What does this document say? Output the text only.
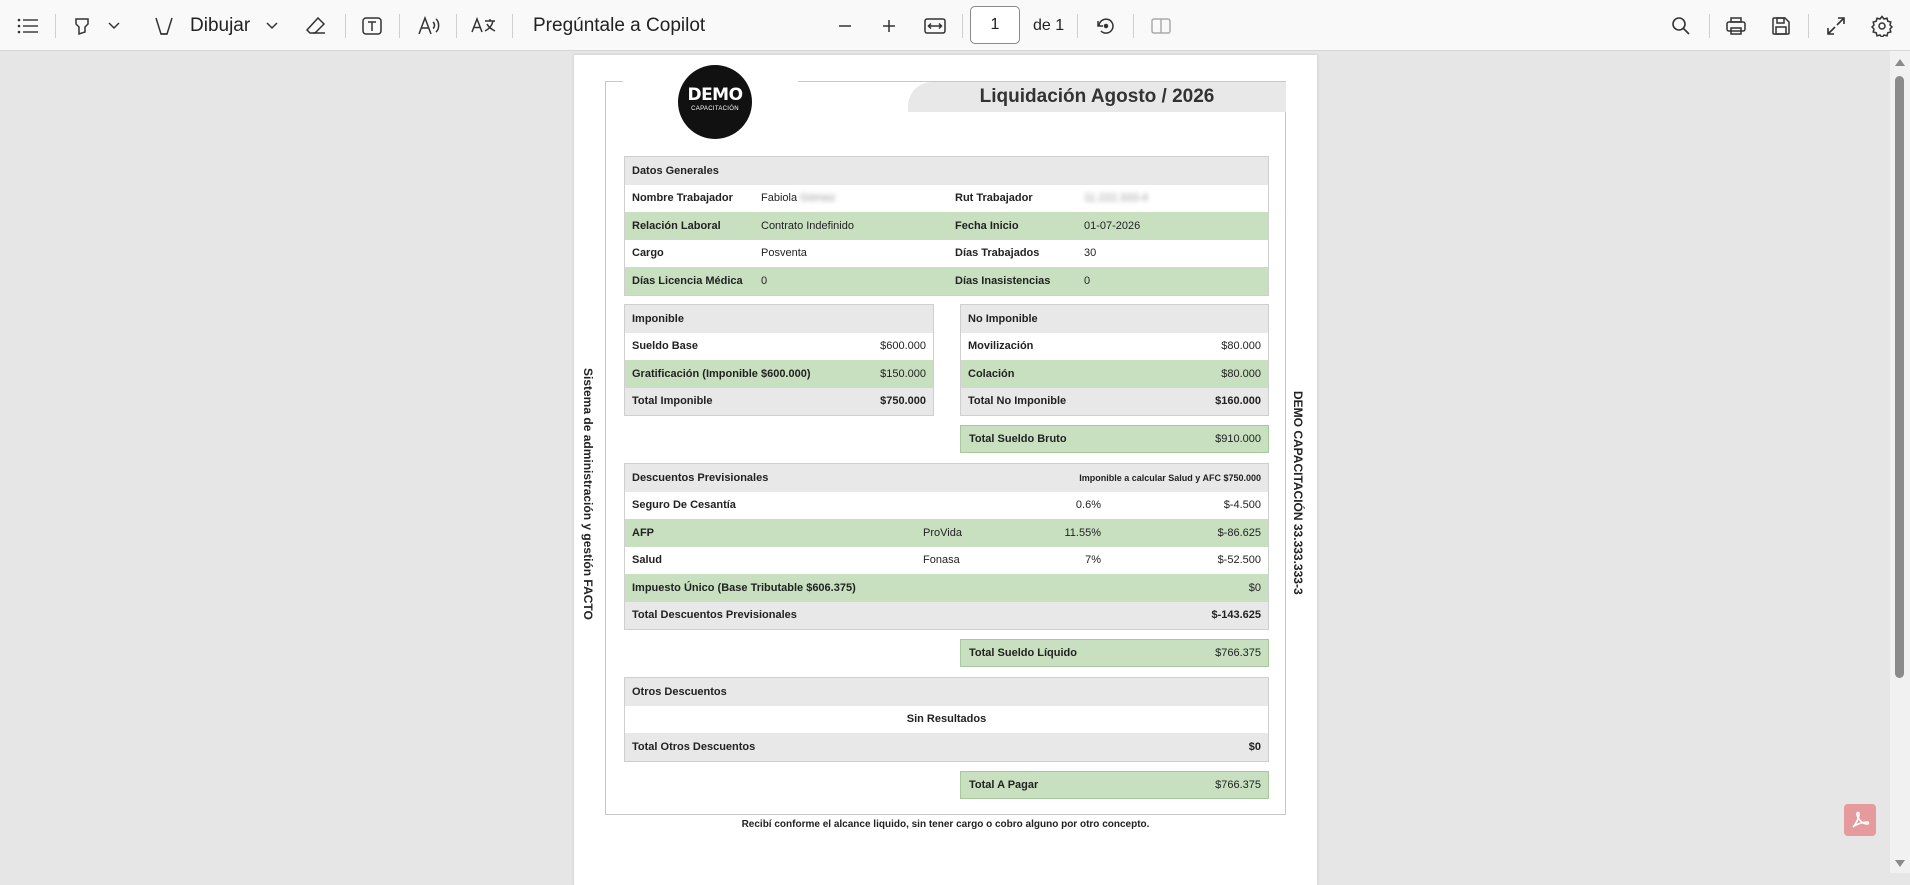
Dibujar	Pregúntale a Copilot
1	de 1
DEMO
CAPACITACIÓN
Liquidación Agosto / 2026
Sistema de administración y gestión FACTO	DEMO CAPACITACIÓN 33.333.333-3
Datos Generales
Nombre Trabajador	Fabiola Gómez	Rut Trabajador	11.222.333-4
Relación Laboral	Contrato Indefinido	Fecha Inicio	01-07-2026
Cargo	Posventa	Días Trabajados	30
Días Licencia Médica 0	Días Inasistencias	0
Imponible
Sueldo Base	$600.000
Gratificación (Imponible $600.000)	$150.000
Total Imponible	$750.000
No Imponible
Movilización	$80.000
Colación	$80.000
Total No Imponible	$160.000
Total Sueldo Bruto	$910.000
Descuentos Previsionales	Imponible a calcular Salud y AFC $750.000
Seguro De Cesantía	0.6%	$-4.500
AFP	ProVida	11.55%	$-86.625
Salud	Fonasa	7%	$-52.500
Impuesto Único (Base Tributable $606.375)	$0
Total Descuentos Previsionales	$-143.625
Total Sueldo Líquido	$766.375
Otros Descuentos
Sin Resultados
Total Otros Descuentos	$0
Total A Pagar	$766.375
Recibí conforme el alcance liquido, sin tener cargo o cobro alguno por otro concepto.
